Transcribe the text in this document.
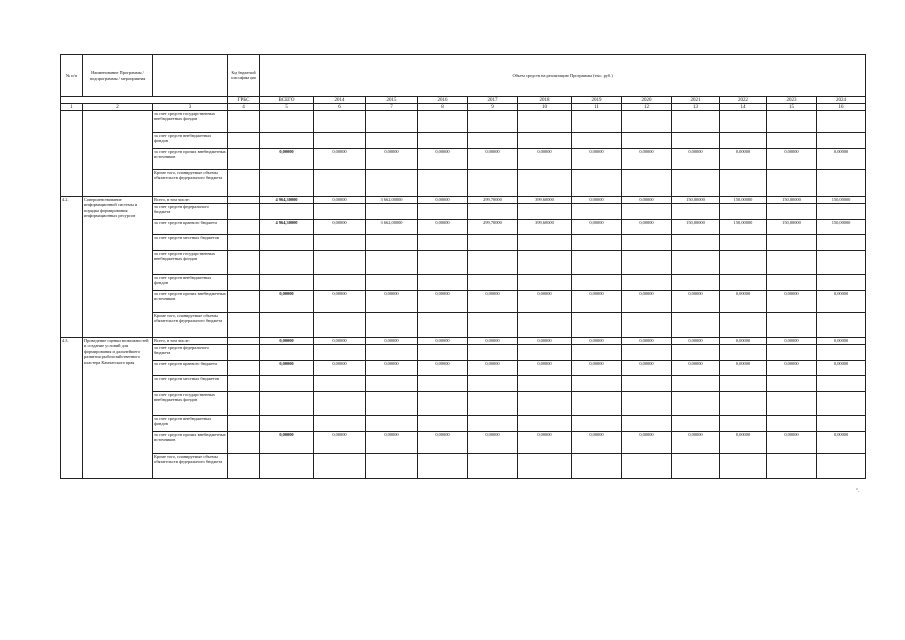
№ п/п	Наименование Программы / подпрограммы / мероприятия		Код бюджетной классифика ции	Объем средств на реализацию Программы (тыс. руб.)											
			ГРБС	ВСЕГО	2014	2015	2016	2017	2018	2019	2020	2021	2022	2023	2024
1	2	3	4	5	6	7	8	9	10	11	12	13	14	15	16
		за счет средств государственных внебюджетных фондов													
		за счет средств внебюджетных фондов													
		за счет средств прочих внебюджетных источников		0,00000	0,00000	0,00000	0,00000	0,00000	0,00000	0,00000	0,00000	0,00000	0,00000	0,00000	0,00000
		Кроме того, планируемые объемы обязательств федерального бюджета													
4.2.	Совершенствование информационной системы и порядка формирования информационных ресурсов	Всего, в том числе:		4 964,30000	0,00000	3 662,00000	0,00000	299,70000	399,60000	0,00000	0,00000	150,00000	150,00000	150,00000	150,00000
		за счет средств федерального бюджета													
		за счет средств краевого бюджета		4 964,30000	0,00000	3 662,00000	0,00000	299,70000	399,60000	0,00000	0,00000	150,00000	150,00000	150,00000	150,00000
		за счет средств местных бюджетов													
		за счет средств государственных внебюджетных фондов													
		за счет средств внебюджетных фондов													
		за счет средств прочих внебюджетных источников		0,00000	0,00000	0,00000	0,00000	0,00000	0,00000	0,00000	0,00000	0,00000	0,00000	0,00000	0,00000
		Кроме того, планируемые объемы обязательств федерального бюджета													
4.3.	Проведение оценки возможностей и создание условий для формирования и дальнейшего развития рыбохозяйственного кластера Камчатского края	Всего, в том числе:		0,00000	0,00000	0,00000	0,00000	0,00000	0,00000	0,00000	0,00000	0,00000	0,00000	0,00000	0,00000
		за счет средств федерального бюджета													
		за счет средств краевого бюджета		0,00000	0,00000	0,00000	0,00000	0,00000	0,00000	0,00000	0,00000	0,00000	0,00000	0,00000	0,00000
		за счет средств местных бюджетов													
		за счет средств государственных внебюджетных фондов													
		за счет средств внебюджетных фондов													
		за счет средств прочих внебюджетных источников		0,00000	0,00000	0,00000	0,00000	0,00000	0,00000	0,00000	0,00000	0,00000	0,00000	0,00000	0,00000
		Кроме того, планируемые объемы обязательств федерального бюджета													
".
